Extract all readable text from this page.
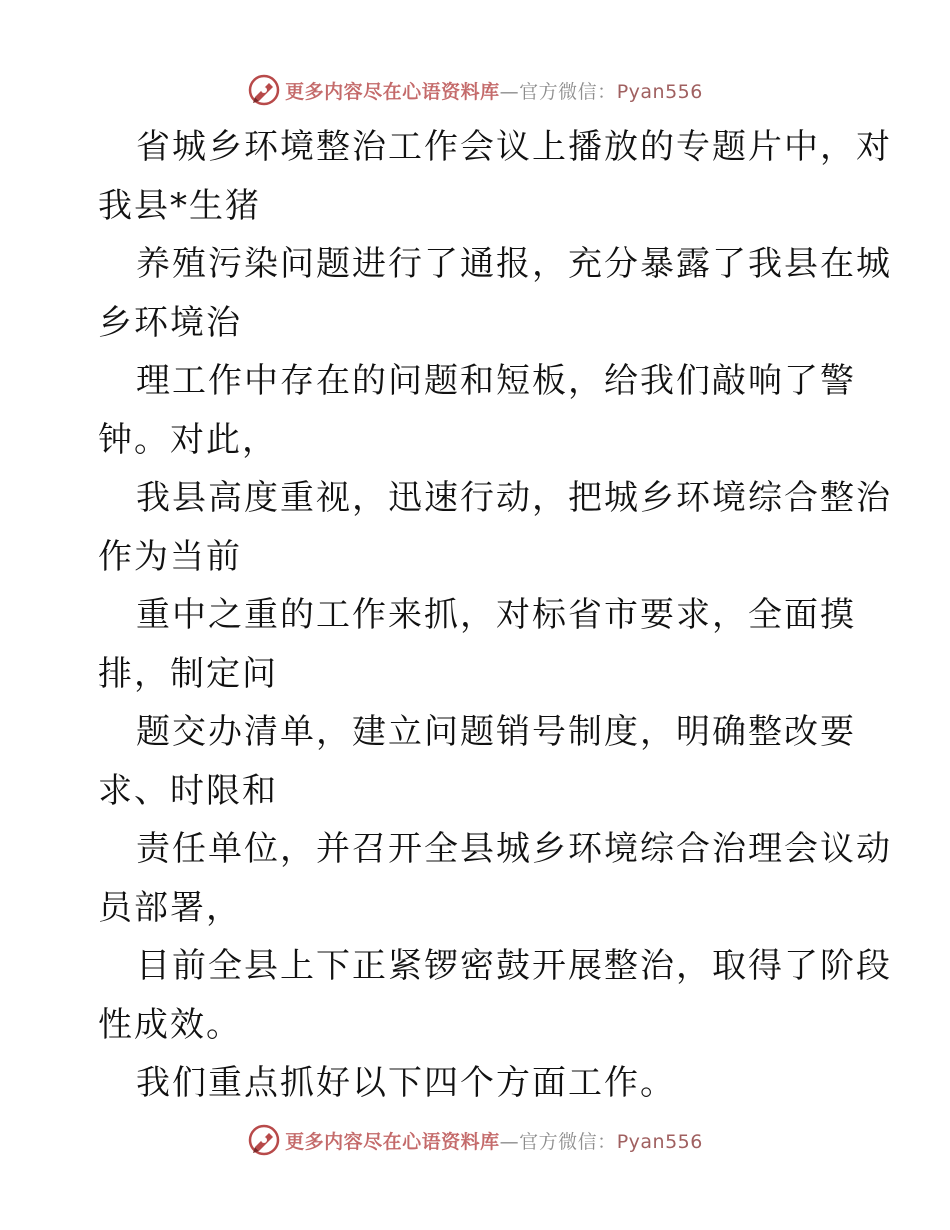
更多内容尽在心语资料库—官方微信：Pyan556
省城乡环境整治工作会议上播放的专题片中，对
我县*生猪
养殖污染问题进行了通报，充分暴露了我县在城
乡环境治
理工作中存在的问题和短板，给我们敲响了警
钟。对此，
我县高度重视，迅速行动，把城乡环境综合整治
作为当前
重中之重的工作来抓，对标省市要求，全面摸
排，制定问
题交办清单，建立问题销号制度，明确整改要
求、时限和
责任单位，并召开全县城乡环境综合治理会议动
员部署，
目前全县上下正紧锣密鼓开展整治，取得了阶段
性成效。
我们重点抓好以下四个方面工作。
更多内容尽在心语资料库—官方微信：Pyan556
